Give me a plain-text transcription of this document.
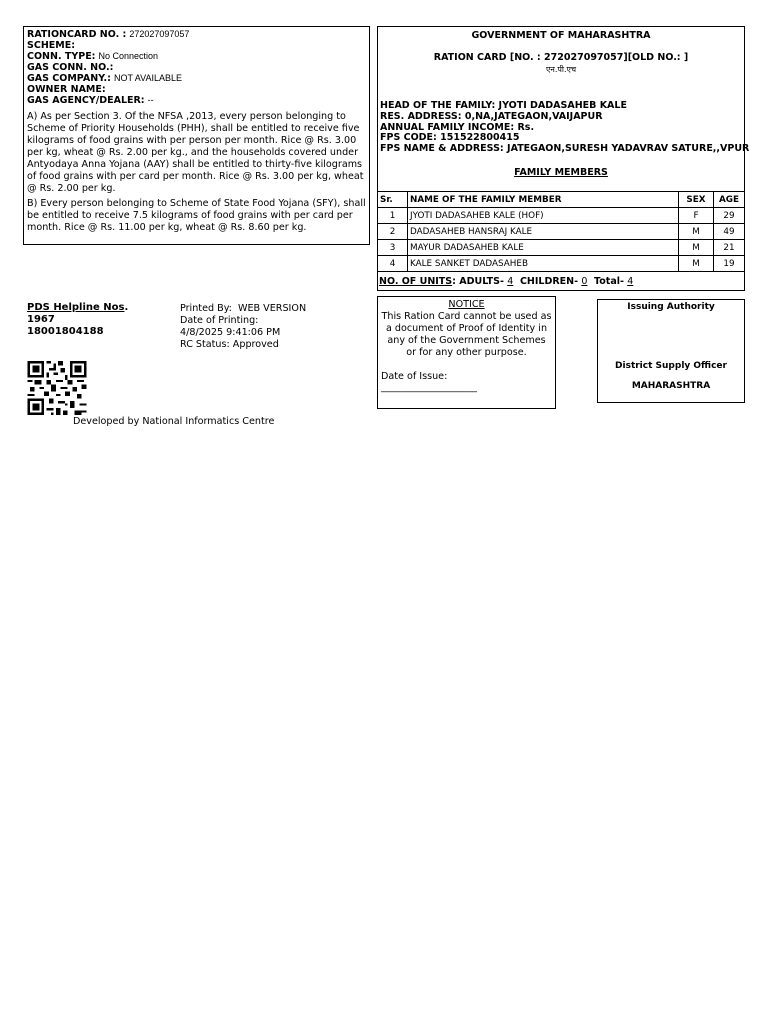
RATIONCARD NO. : 272027097057
SCHEME:
CONN. TYPE: No Connection
GAS CONN. NO.:
GAS COMPANY.: NOT AVAILABLE
OWNER NAME:
GAS AGENCY/DEALER: --

A) As per Section 3. Of the NFSA ,2013, every person belonging to Scheme of Priority Households (PHH), shall be entitled to receive five kilograms of food grains with per person per month. Rice @ Rs. 3.00 per kg, wheat @ Rs. 2.00 per kg., and the households covered under Antyodaya Anna Yojana (AAY) shall be entitled to thirty-five kilograms of food grains with per card per month. Rice @ Rs. 3.00 per kg, wheat @ Rs. 2.00 per kg.

B) Every person belonging to Scheme of State Food Yojana (SFY), shall be entitled to receive 7.5 kilograms of food grains with per card per month. Rice @ Rs. 11.00 per kg, wheat @ Rs. 8.60 per kg.

GOVERNMENT OF MAHARASHTRA
RATION CARD [NO. : 272027097057][OLD NO.: ]
एन.पी.एच
HEAD OF THE FAMILY: JYOTI DADASAHEB KALE
RES. ADDRESS: 0,NA,JATEGAON,VAIJAPUR
ANNUAL FAMILY INCOME: Rs.
FPS CODE: 151522800415
FPS NAME & ADDRESS: JATEGAON,SURESH YADAVRAV SATURE,,VPUR
FAMILY MEMBERS
Sr.	NAME OF THE FAMILY MEMBER	SEX	AGE
1	JYOTI DADASAHEB KALE (HOF)	F	29
2	DADASAHEB HANSRAJ KALE	M	49
3	MAYUR DADASAHEB KALE	M	21
4	KALE SANKET DADASAHEB	M	19
NO. OF UNITS: ADULTS- 4 CHILDREN- 0 Total- 4
PDS Helpline Nos.
1967
18001804188
Printed By:  WEB VERSION
Date of Printing:
4/8/2025 9:41:06 PM
RC Status: Approved
Developed by National Informatics Centre
NOTICE
This Ration Card cannot be used as a document of Proof of Identity in any of the Government Schemes or for any other purpose.
Date of Issue:
____________________
Issuing Authority
District Supply Officer
MAHARASHTRA
